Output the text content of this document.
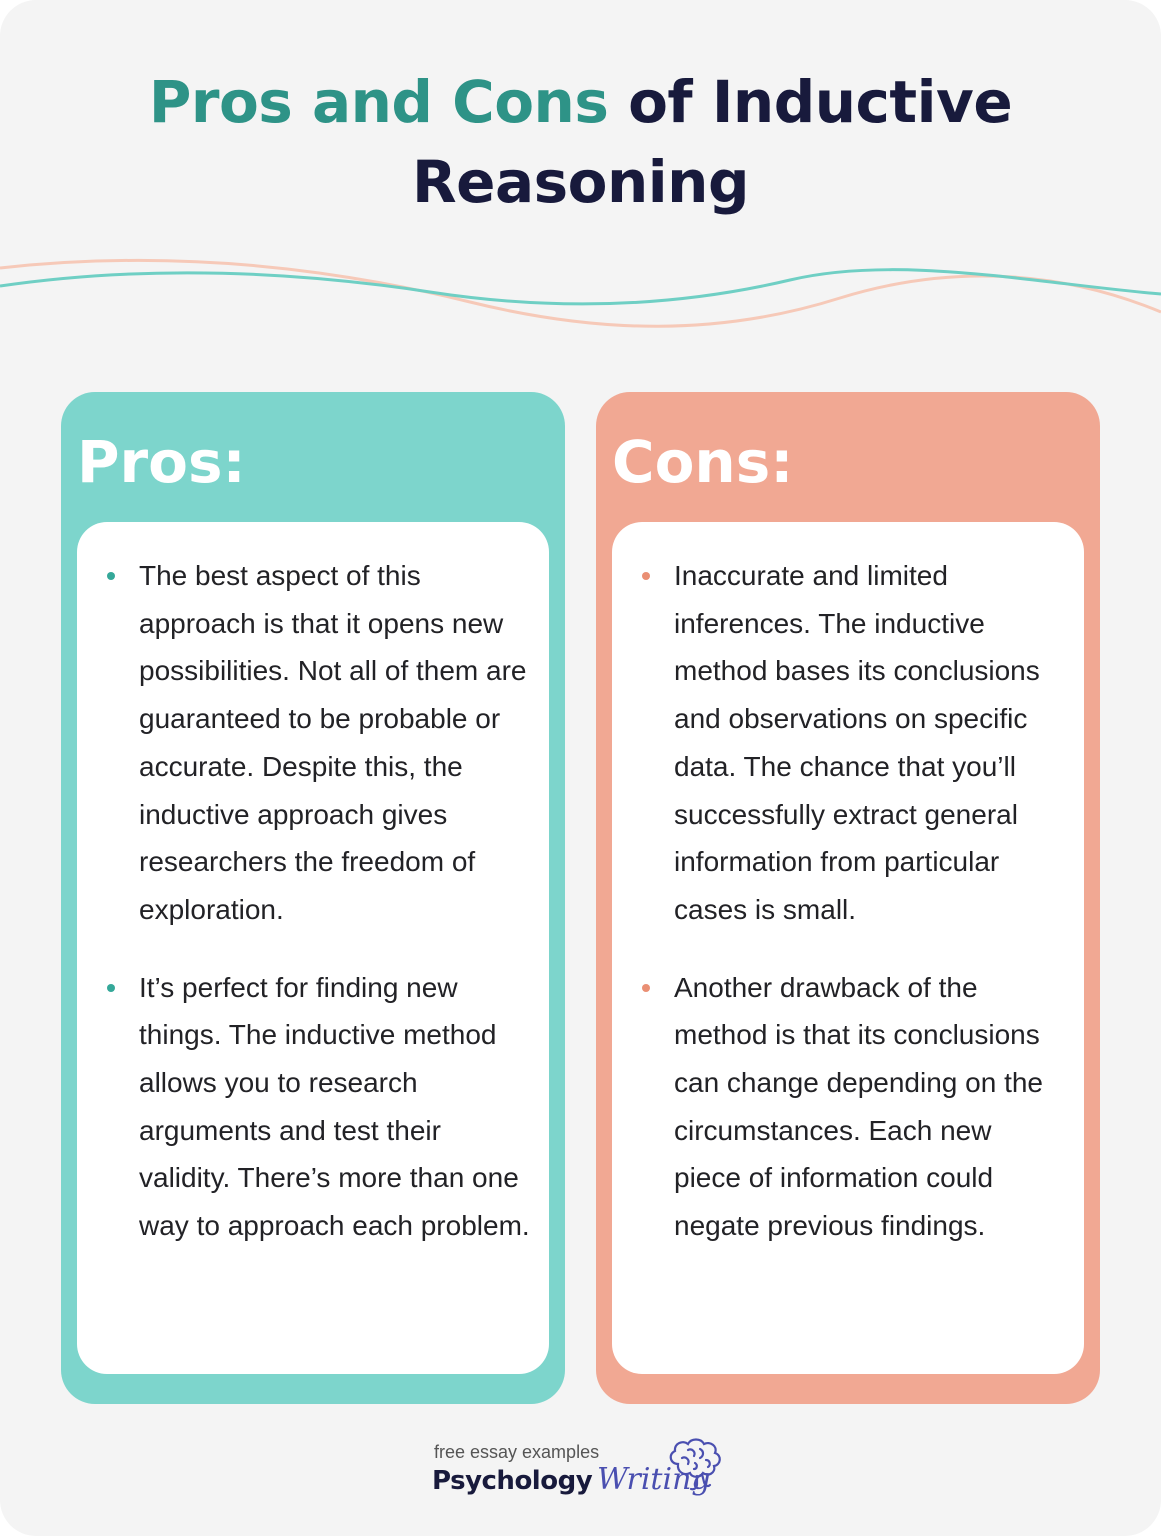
Pros and Cons of Inductive Reasoning
Pros:
The best aspect of this approach is that it opens new possibilities. Not all of them are guaranteed to be probable or accurate. Despite this, the inductive approach gives researchers the freedom of exploration.
It’s perfect for finding new things. The inductive method allows you to research arguments and test their validity. There’s more than one way to approach each problem.
Cons:
Inaccurate and limited inferences. The inductive method bases its conclusions and observations on specific data. The chance that you’ll successfully extract general information from particular cases is small.
Another drawback of the method is that its conclusions can change depending on the circumstances. Each new piece of information could negate previous findings.
free essay examples
Psychology Writing
